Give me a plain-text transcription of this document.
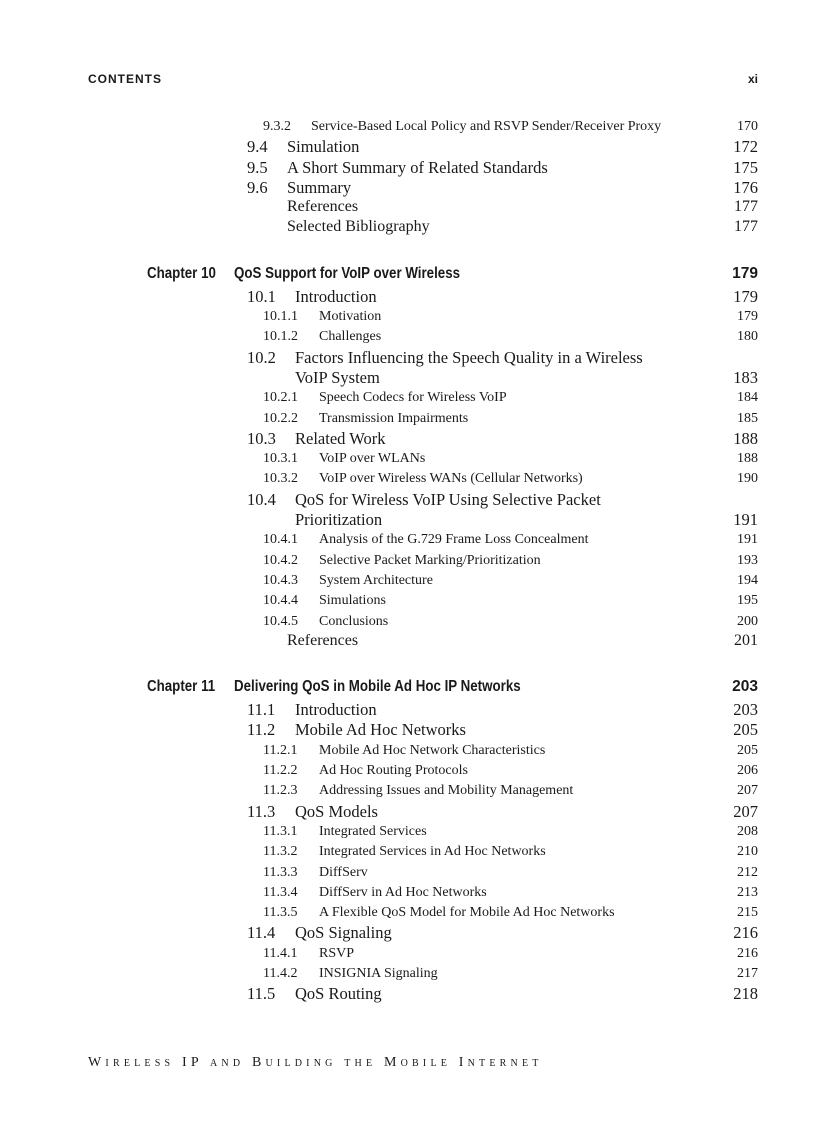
CONTENTS	xi
9.3.2 Service-Based Local Policy and RSVP Sender/Receiver Proxy	170
9.4 Simulation	172
9.5 A Short Summary of Related Standards	175
9.6 Summary	176
References	177
Selected Bibliography	177
Chapter 10 QoS Support for VoIP over Wireless	179
10.1 Introduction	179
10.1.1 Motivation	179
10.1.2 Challenges	180
10.2 Factors Influencing the Speech Quality in a Wireless
VoIP System	183
10.2.1 Speech Codecs for Wireless VoIP	184
10.2.2 Transmission Impairments	185
10.3 Related Work	188
10.3.1 VoIP over WLANs	188
10.3.2 VoIP over Wireless WANs (Cellular Networks)	190
10.4 QoS for Wireless VoIP Using Selective Packet
Prioritization	191
10.4.1 Analysis of the G.729 Frame Loss Concealment	191
10.4.2 Selective Packet Marking/Prioritization	193
10.4.3 System Architecture	194
10.4.4 Simulations	195
10.4.5 Conclusions	200
References	201
Chapter 11 Delivering QoS in Mobile Ad Hoc IP Networks	203
11.1 Introduction	203
11.2 Mobile Ad Hoc Networks	205
11.2.1 Mobile Ad Hoc Network Characteristics	205
11.2.2 Ad Hoc Routing Protocols	206
11.2.3 Addressing Issues and Mobility Management	207
11.3 QoS Models	207
11.3.1 Integrated Services	208
11.3.2 Integrated Services in Ad Hoc Networks	210
11.3.3 DiffServ	212
11.3.4 DiffServ in Ad Hoc Networks	213
11.3.5 A Flexible QoS Model for Mobile Ad Hoc Networks	215
11.4 QoS Signaling	216
11.4.1 RSVP	216
11.4.2 INSIGNIA Signaling	217
11.5 QoS Routing	218
Wireless IP and Building the Mobile Internet
